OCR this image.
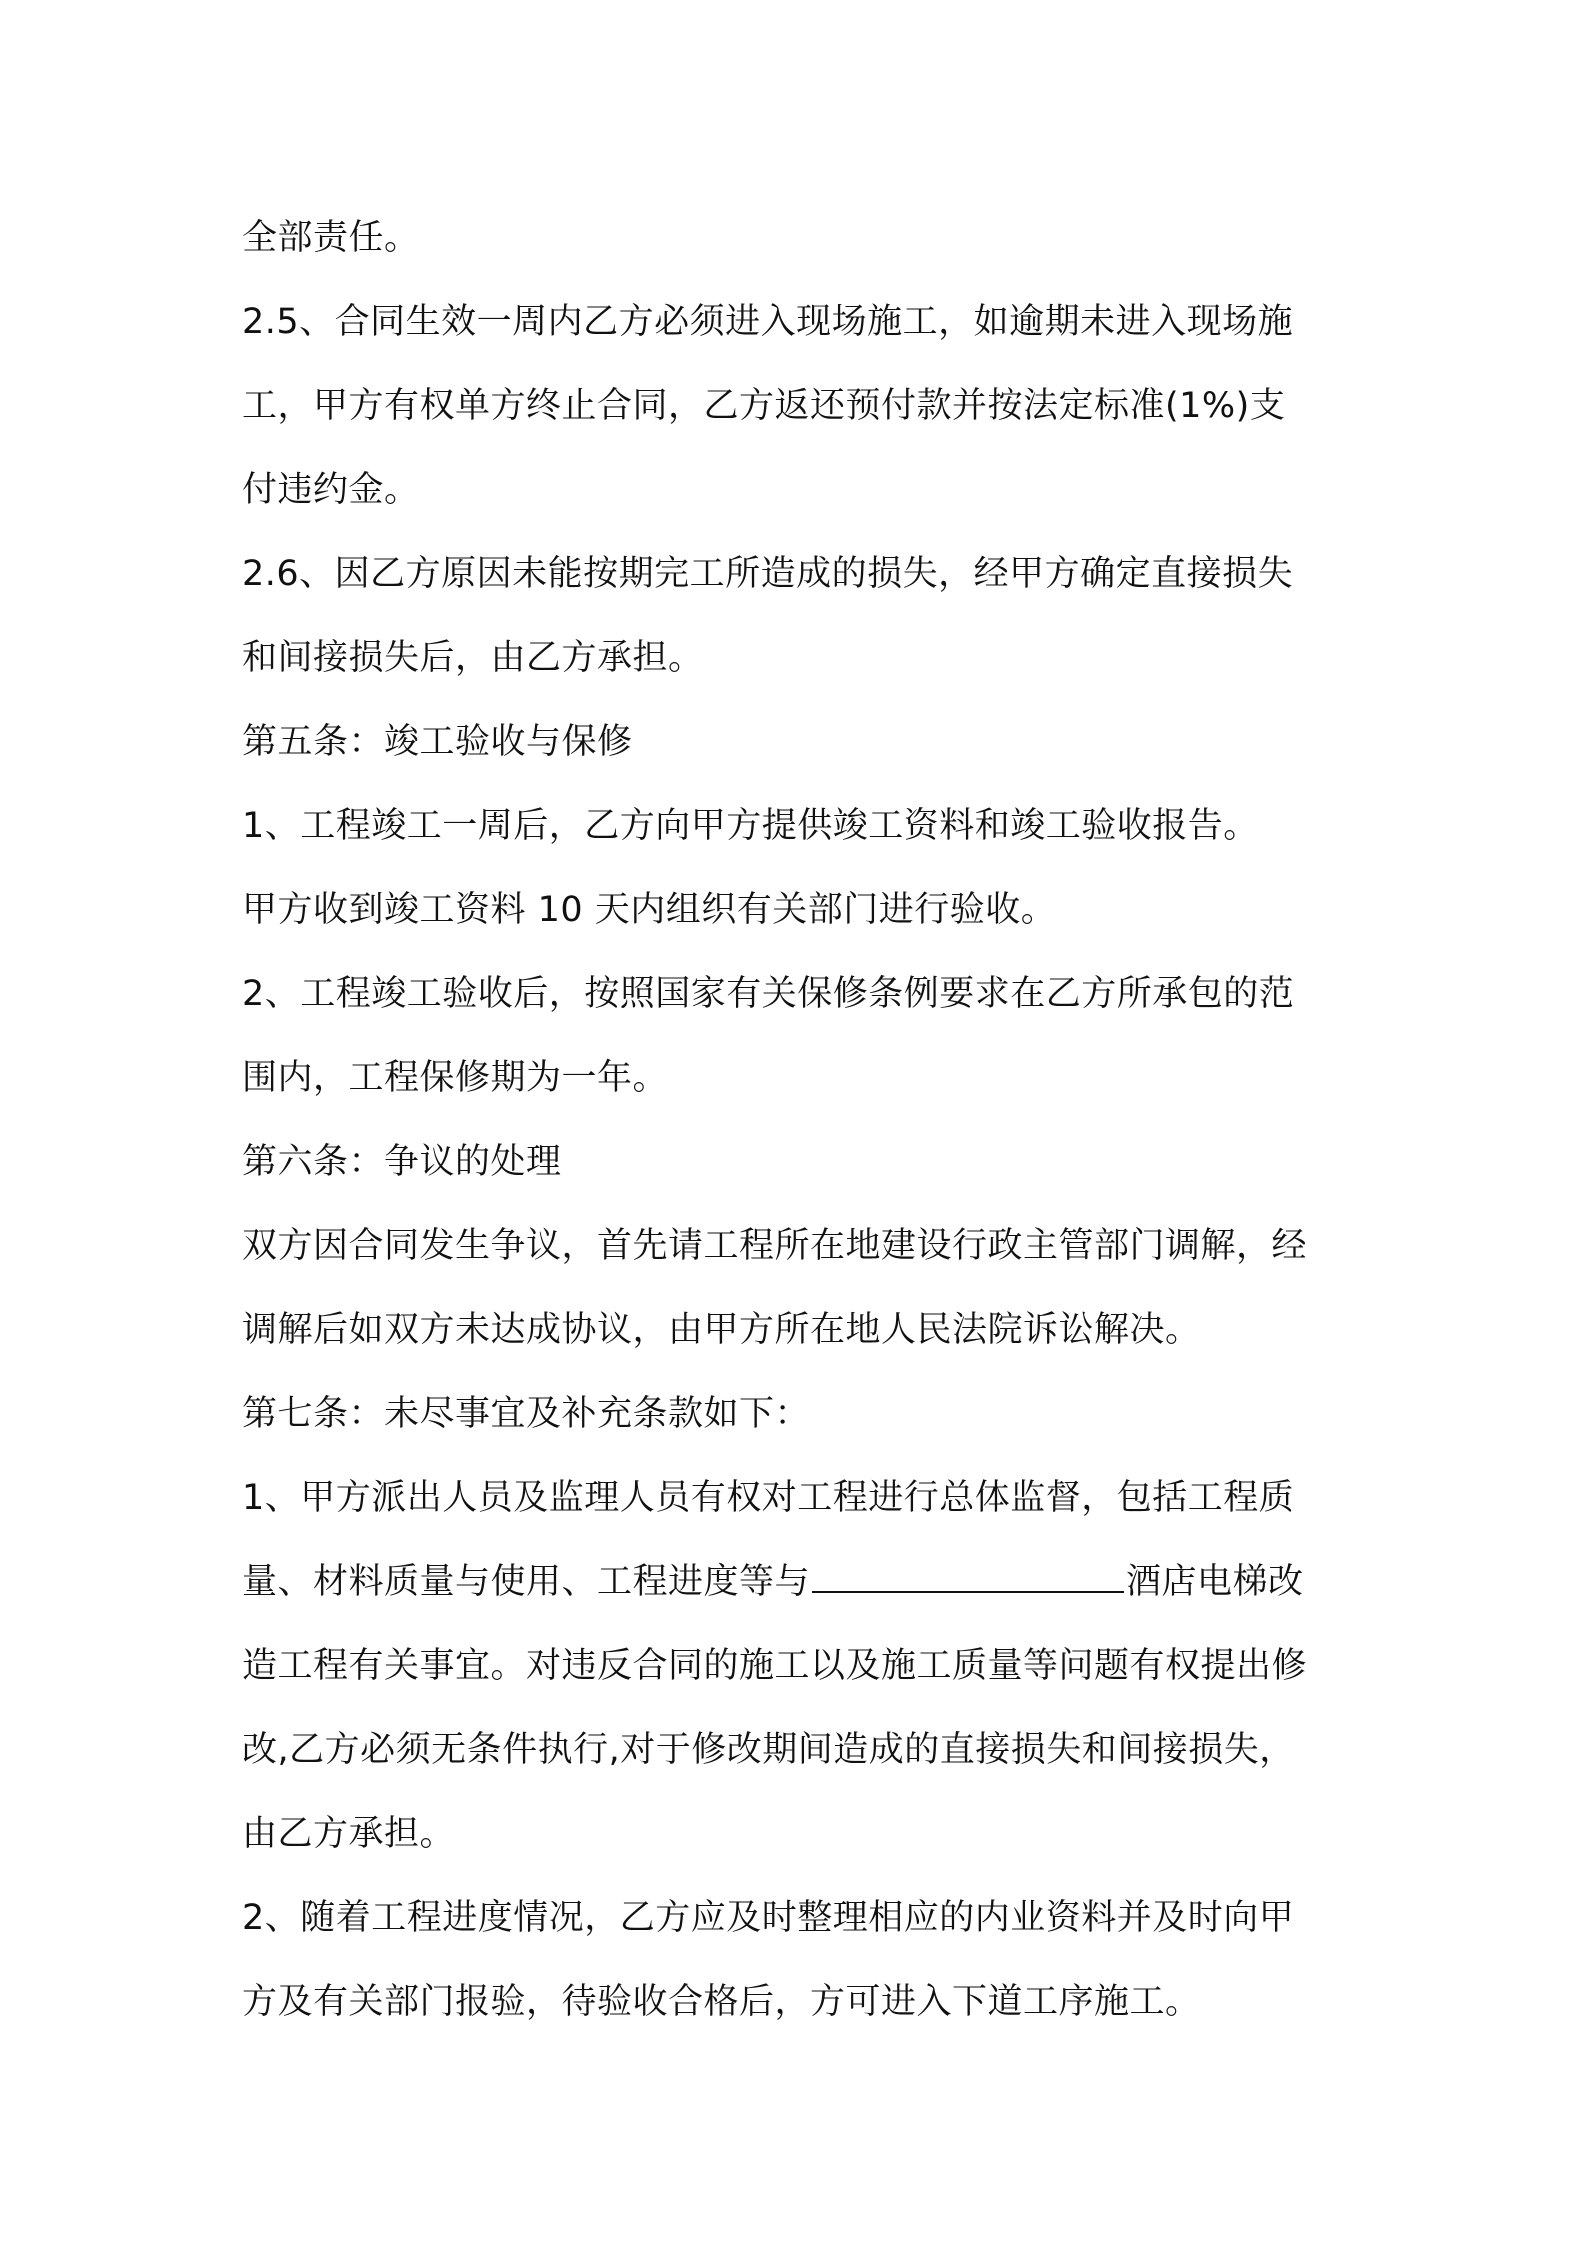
全部责任。
2.5、合同生效一周内乙方必须进入现场施工，如逾期未进入现场施
工，甲方有权单方终止合同，乙方返还预付款并按法定标准(1%)支
付违约金。
2.6、因乙方原因未能按期完工所造成的损失，经甲方确定直接损失
和间接损失后，由乙方承担。
第五条：竣工验收与保修
1、工程竣工一周后，乙方向甲方提供竣工资料和竣工验收报告。
甲方收到竣工资料 10 天内组织有关部门进行验收。
2、工程竣工验收后，按照国家有关保修条例要求在乙方所承包的范
围内，工程保修期为一年。
第六条：争议的处理
双方因合同发生争议，首先请工程所在地建设行政主管部门调解，经
调解后如双方未达成协议，由甲方所在地人民法院诉讼解决。
第七条：未尽事宜及补充条款如下：
1、甲方派出人员及监理人员有权对工程进行总体监督，包括工程质
量、材料质量与使用、工程进度等与	酒店电梯改
造工程有关事宜。对违反合同的施工以及施工质量等问题有权提出修
改,乙方必须无条件执行,对于修改期间造成的直接损失和间接损失，
由乙方承担。
2、随着工程进度情况，乙方应及时整理相应的内业资料并及时向甲
方及有关部门报验，待验收合格后，方可进入下道工序施工。
